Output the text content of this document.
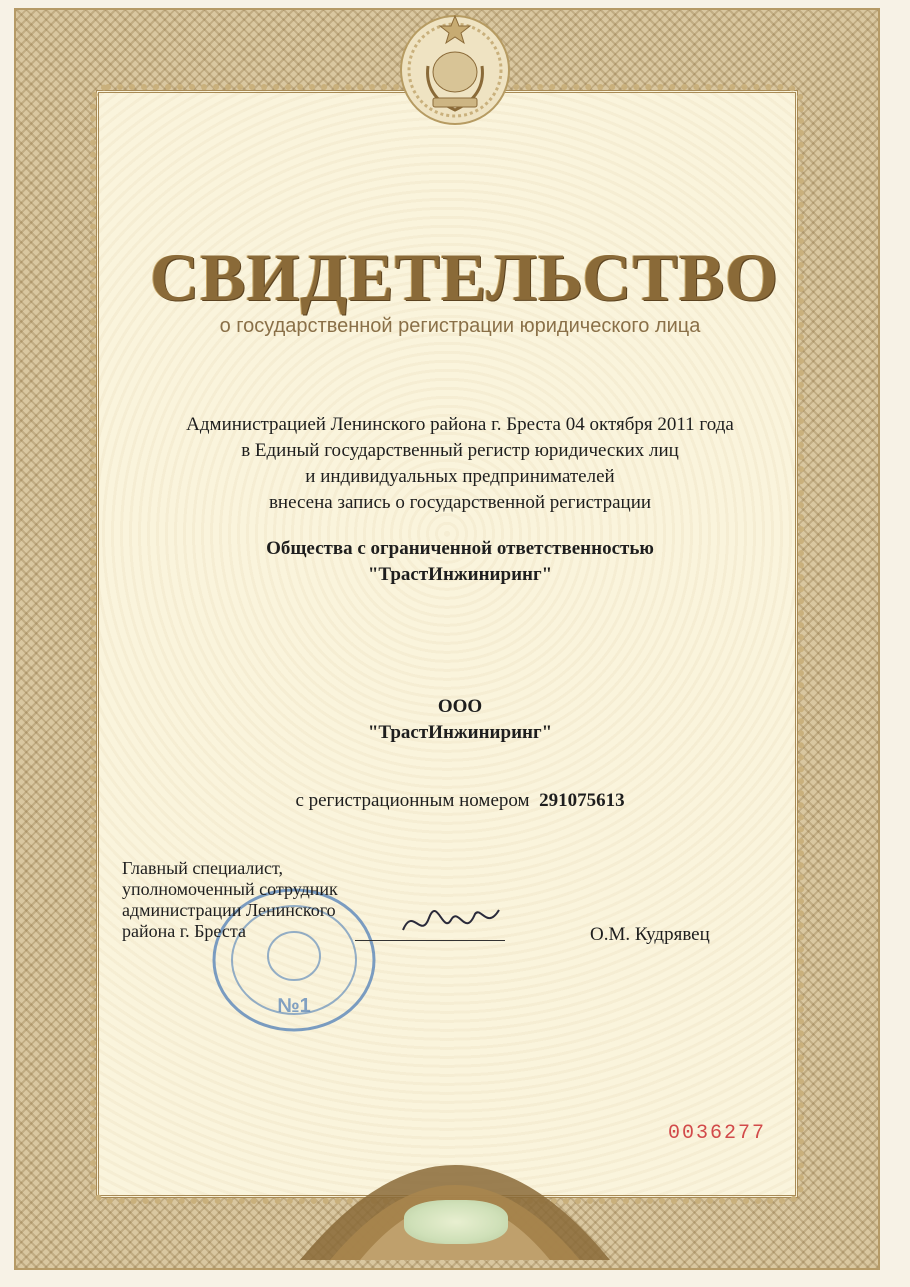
СВИДЕТЕЛЬСТВО
о государственной регистрации юридического лица
Администрацией Ленинского района г. Бреста 04 октября 2011 года
в Единый государственный регистр юридических лиц
и индивидуальных предпринимателей
внесена запись о государственной регистрации
Общества с ограниченной ответственностью
"ТрастИнжиниринг"
ООО
"ТрастИнжиниринг"
с регистрационным номером 291075613
№1
Главный специалист,
уполномоченный сотрудник
администрации Ленинского
района г. Бреста	О.М. Кудрявец
0036277
